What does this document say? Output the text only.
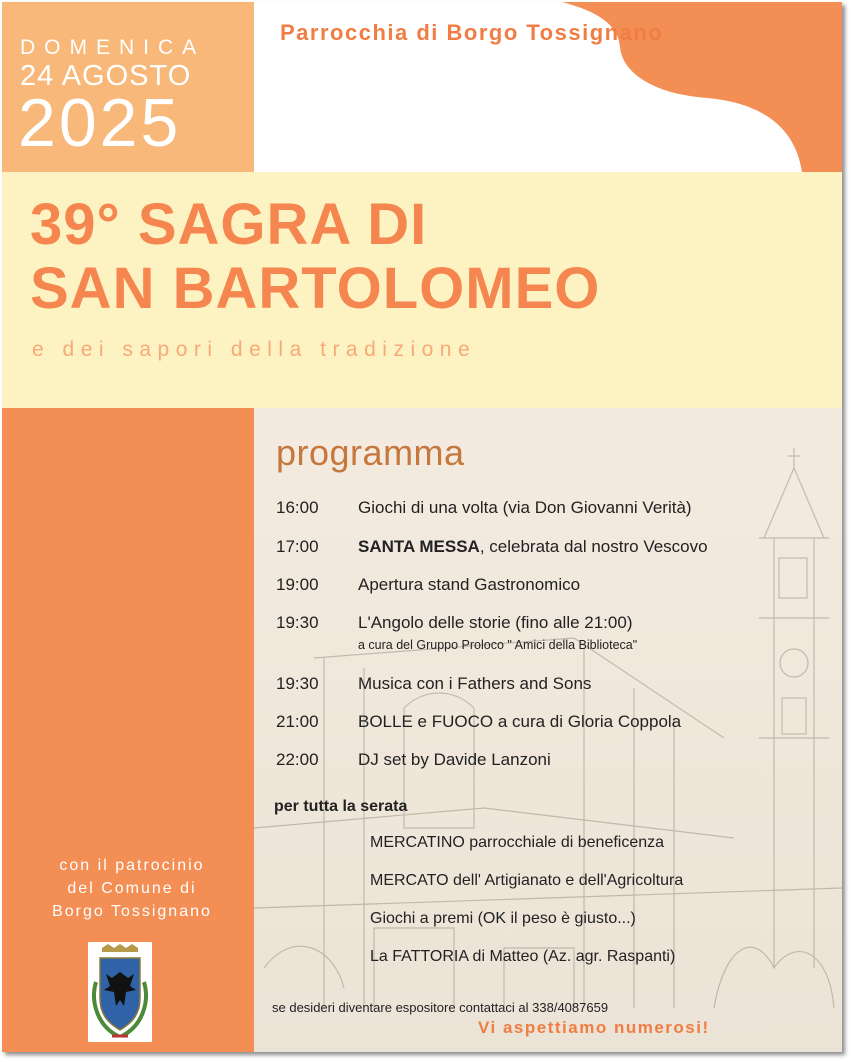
DOMENICA
24 AGOSTO
2025
Parrocchia di Borgo Tossignano
39° SAGRA DI
SAN BARTOLOMEO
e dei sapori della tradizione
programma
16:00 Giochi di una volta (via Don Giovanni Verità)
17:00 SANTA MESSA, celebrata dal nostro Vescovo
19:00 Apertura stand Gastronomico
19:30 L'Angolo delle storie (fino alle 21:00)
a cura del Gruppo Proloco " Amici della Biblioteca"
19:30 Musica con i Fathers and Sons
21:00 BOLLE e FUOCO a cura di Gloria Coppola
22:00 DJ set by Davide Lanzoni
per tutta la serata
MERCATINO parrocchiale di beneficenza
MERCATO dell' Artigianato e dell'Agricoltura
Giochi a premi (OK il peso è giusto...)
La FATTORIA di Matteo (Az. agr. Raspanti)
con il patrocinio
del Comune di
Borgo Tossignano
se desideri diventare espositore contattaci al 338/4087659
Vi aspettiamo numerosi!
